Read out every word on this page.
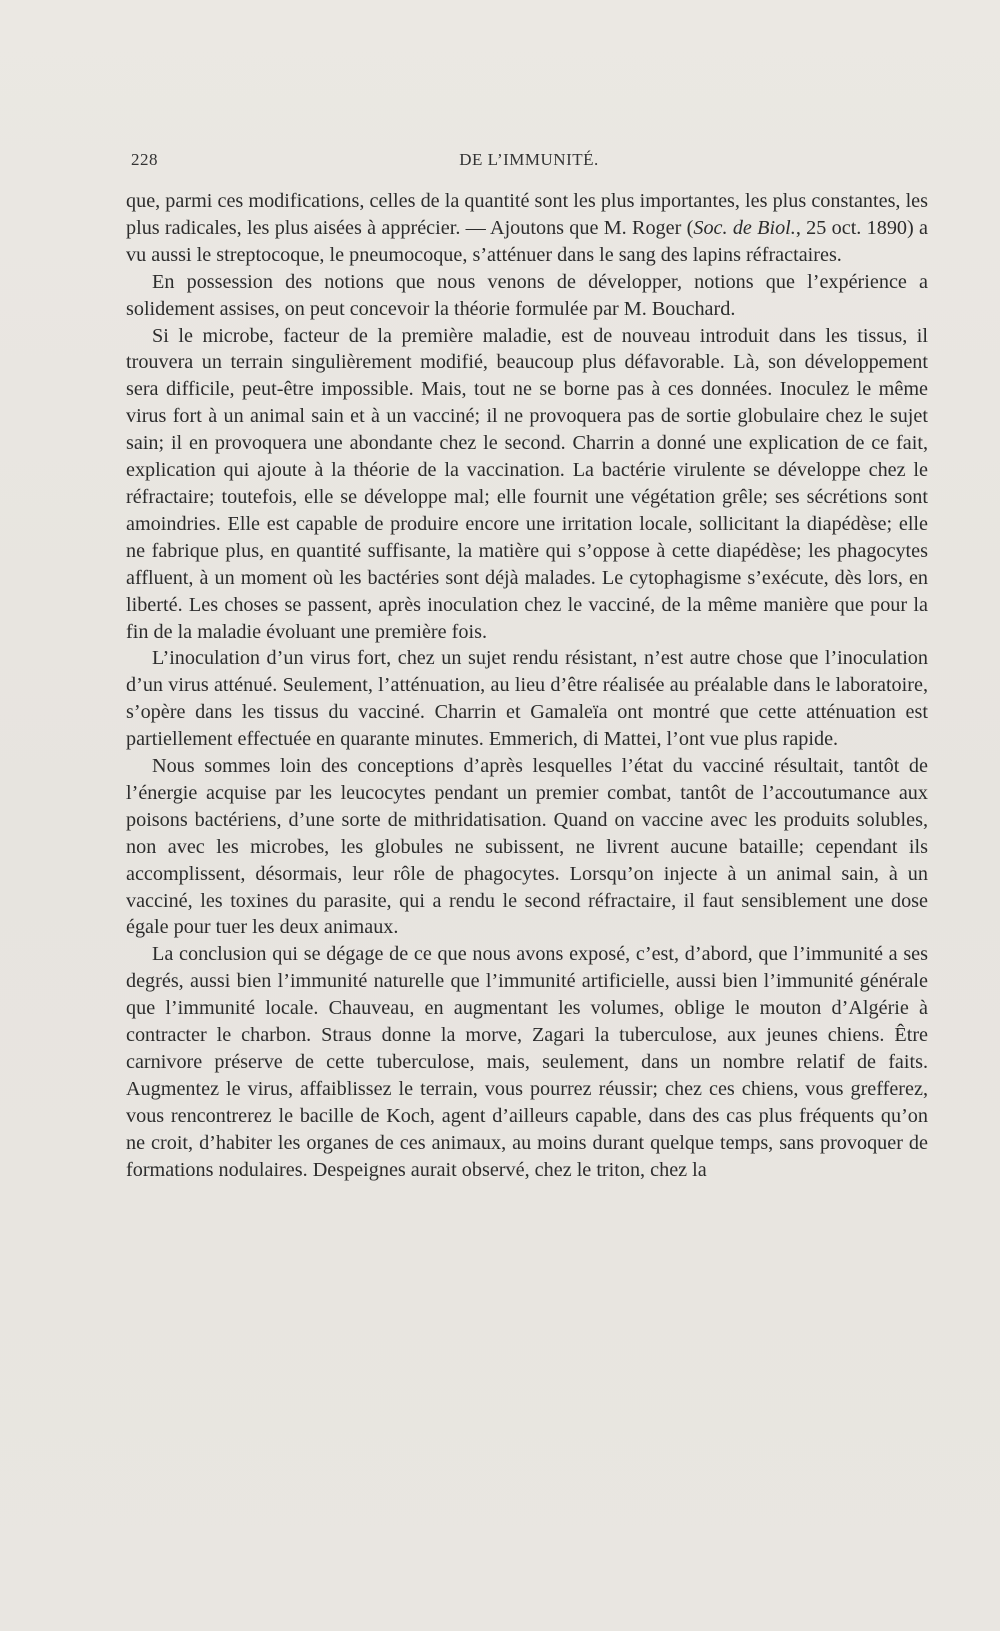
228	DE L’IMMUNITÉ.

que, parmi ces modifications, celles de la quantité sont les plus importantes, les plus constantes, les plus radicales, les plus aisées à apprécier. — Ajoutons que M. Roger (Soc. de Biol., 25 oct. 1890) a vu aussi le streptocoque, le pneumocoque, s’atténuer dans le sang des lapins réfractaires.

En possession des notions que nous venons de développer, notions que l’expérience a solidement assises, on peut concevoir la théorie formulée par M. Bouchard.

Si le microbe, facteur de la première maladie, est de nouveau introduit dans les tissus, il trouvera un terrain singulièrement modifié, beaucoup plus défavorable. Là, son développement sera difficile, peut-être impossible. Mais, tout ne se borne pas à ces données. Inoculez le même virus fort à un animal sain et à un vacciné; il ne provoquera pas de sortie globulaire chez le sujet sain; il en provoquera une abondante chez le second. Charrin a donné une explication de ce fait, explication qui ajoute à la théorie de la vaccination. La bactérie virulente se développe chez le réfractaire; toutefois, elle se développe mal; elle fournit une végétation grêle; ses sécrétions sont amoindries. Elle est capable de produire encore une irritation locale, sollicitant la diapédèse; elle ne fabrique plus, en quantité suffisante, la matière qui s’oppose à cette diapédèse; les phagocytes affluent, à un moment où les bactéries sont déjà malades. Le cytophagisme s’exécute, dès lors, en liberté. Les choses se passent, après inoculation chez le vacciné, de la même manière que pour la fin de la maladie évoluant une première fois.

L’inoculation d’un virus fort, chez un sujet rendu résistant, n’est autre chose que l’inoculation d’un virus atténué. Seulement, l’atténuation, au lieu d’être réalisée au préalable dans le laboratoire, s’opère dans les tissus du vacciné. Charrin et Gamaleïa ont montré que cette atténuation est partiellement effectuée en quarante minutes. Emmerich, di Mattei, l’ont vue plus rapide.

Nous sommes loin des conceptions d’après lesquelles l’état du vacciné résultait, tantôt de l’énergie acquise par les leucocytes pendant un premier combat, tantôt de l’accoutumance aux poisons bactériens, d’une sorte de mithridatisation. Quand on vaccine avec les produits solubles, non avec les microbes, les globules ne subissent, ne livrent aucune bataille; cependant ils accomplissent, désormais, leur rôle de phagocytes. Lorsqu’on injecte à un animal sain, à un vacciné, les toxines du parasite, qui a rendu le second réfractaire, il faut sensiblement une dose égale pour tuer les deux animaux.

La conclusion qui se dégage de ce que nous avons exposé, c’est, d’abord, que l’immunité a ses degrés, aussi bien l’immunité naturelle que l’immunité artificielle, aussi bien l’immunité générale que l’immunité locale. Chauveau, en augmentant les volumes, oblige le mouton d’Algérie à contracter le charbon. Straus donne la morve, Zagari la tuberculose, aux jeunes chiens. Être carnivore préserve de cette tuberculose, mais, seulement, dans un nombre relatif de faits. Augmentez le virus, affaiblissez le terrain, vous pourrez réussir; chez ces chiens, vous grefferez, vous rencontrerez le bacille de Koch, agent d’ailleurs capable, dans des cas plus fréquents qu’on ne croit, d’habiter les organes de ces animaux, au moins durant quelque temps, sans provoquer de formations nodulaires. Despeignes aurait observé, chez le triton, chez la
